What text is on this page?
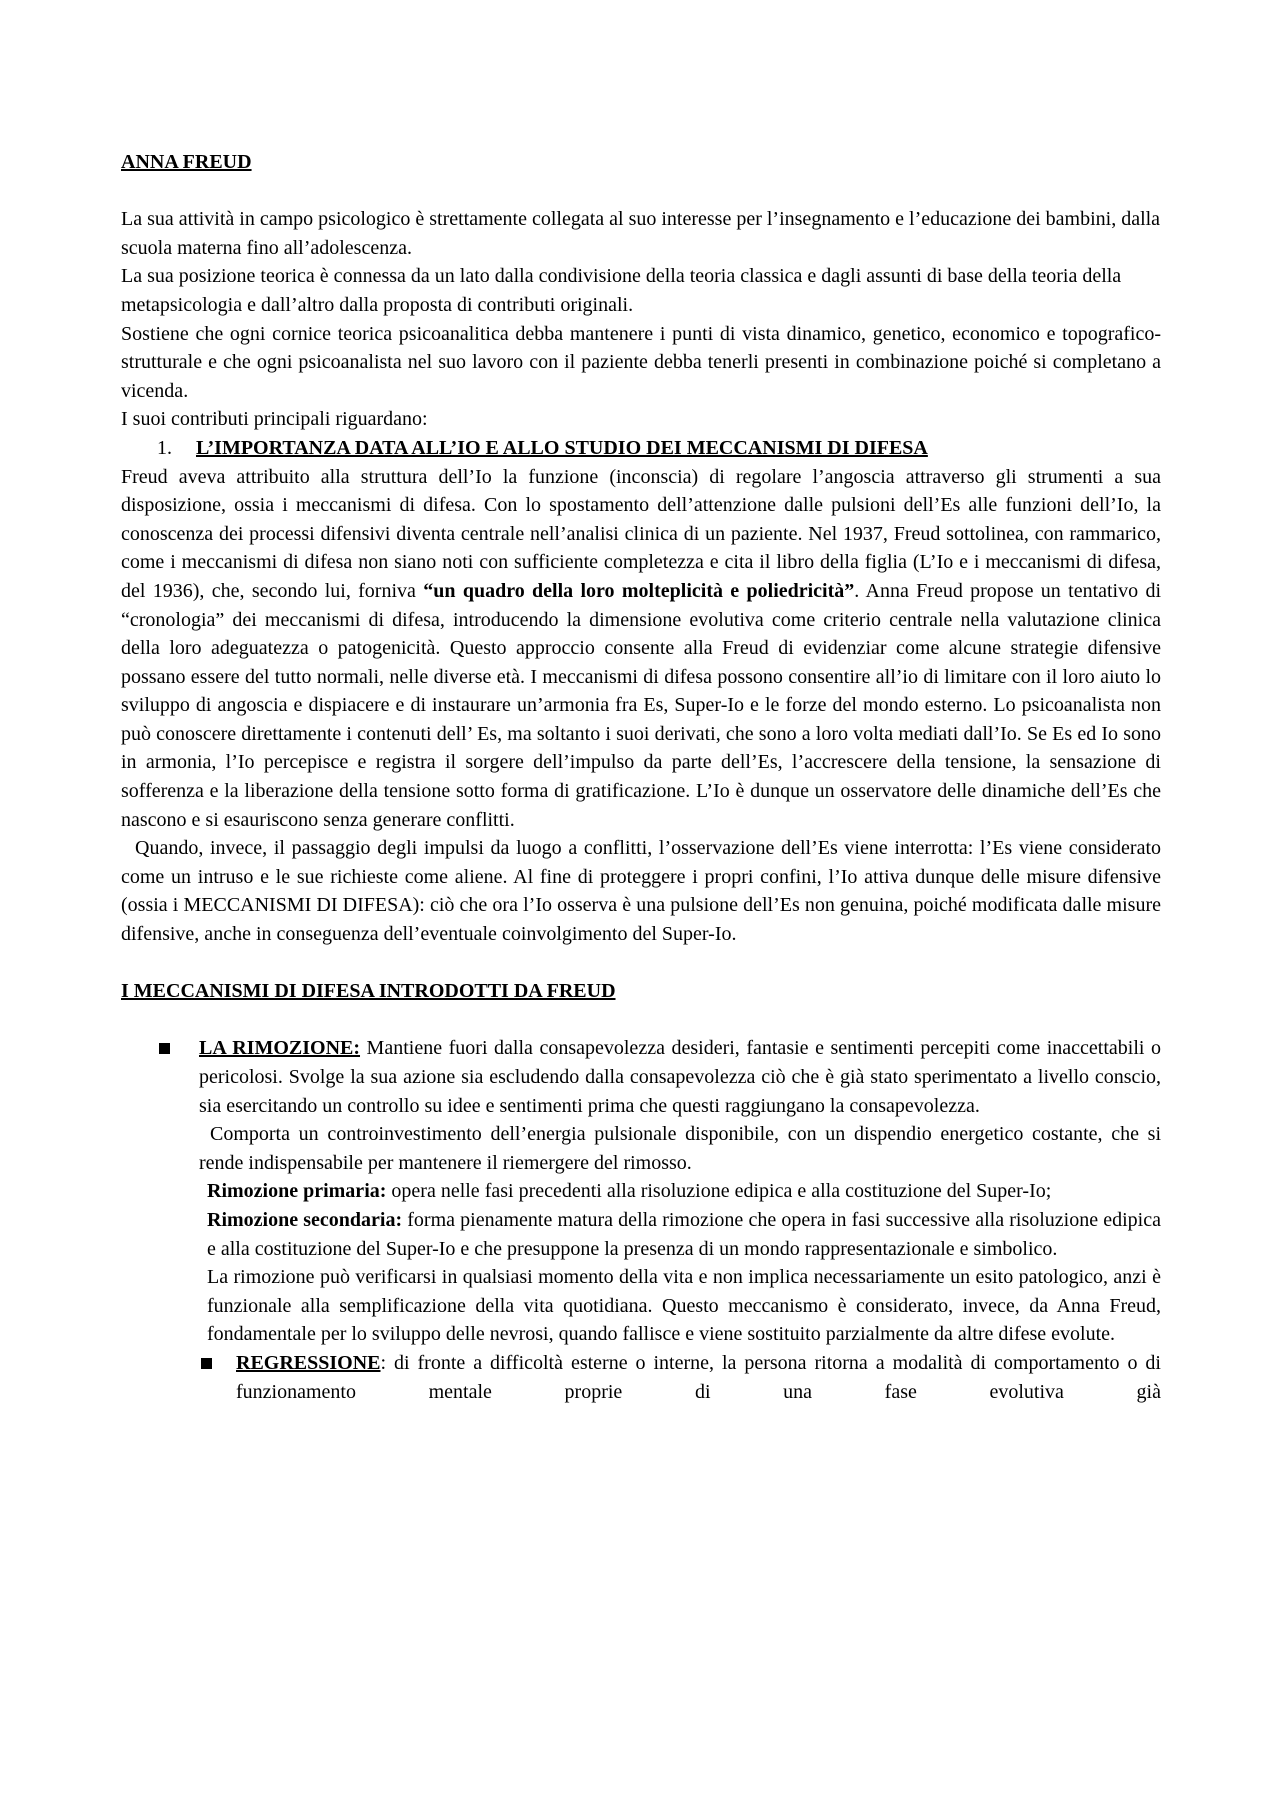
ANNA FREUD

La sua attività in campo psicologico è strettamente collegata al suo interesse per l’insegnamento e l’educazione dei bambini, dalla scuola materna fino all’adolescenza.

La sua posizione teorica è connessa da un lato dalla condivisione della teoria classica e dagli assunti di base della teoria della metapsicologia e dall’altro dalla proposta di contributi originali.

Sostiene che ogni cornice teorica psicoanalitica debba mantenere i punti di vista dinamico, genetico, economico e topografico-strutturale e che ogni psicoanalista nel suo lavoro con il paziente debba tenerli presenti in combinazione poiché si completano a vicenda.

I suoi contributi principali riguardano:

1. L’IMPORTANZA DATA ALL’IO E ALLO STUDIO DEI MECCANISMI DI DIFESA

Freud aveva attribuito alla struttura dell’Io la funzione (inconscia) di regolare l’angoscia attraverso gli strumenti a sua disposizione, ossia i meccanismi di difesa. Con lo spostamento dell’attenzione dalle pulsioni dell’Es alle funzioni dell’Io, la conoscenza dei processi difensivi diventa centrale nell’analisi clinica di un paziente. Nel 1937, Freud sottolinea, con rammarico, come i meccanismi di difesa non siano noti con sufficiente completezza e cita il libro della figlia (L’Io e i meccanismi di difesa, del 1936), che, secondo lui, forniva “un quadro della loro molteplicità e poliedricità”. Anna Freud propose un tentativo di “cronologia” dei meccanismi di difesa, introducendo la dimensione evolutiva come criterio centrale nella valutazione clinica della loro adeguatezza o patogenicità. Questo approccio consente alla Freud di evidenziar come alcune strategie difensive possano essere del tutto normali, nelle diverse età. I meccanismi di difesa possono consentire all’io di limitare con il loro aiuto lo sviluppo di angoscia e dispiacere e di instaurare un’armonia fra Es, Super-Io e le forze del mondo esterno. Lo psicoanalista non può conoscere direttamente i contenuti dell’ Es, ma soltanto i suoi derivati, che sono a loro volta mediati dall’Io. Se Es ed Io sono in armonia, l’Io percepisce e registra il sorgere dell’impulso da parte dell’Es, l’accrescere della tensione, la sensazione di sofferenza e la liberazione della tensione sotto forma di gratificazione. L’Io è dunque un osservatore delle dinamiche dell’Es che nascono e si esauriscono senza generare conflitti.

Quando, invece, il passaggio degli impulsi da luogo a conflitti, l’osservazione dell’Es viene interrotta: l’Es viene considerato come un intruso e le sue richieste come aliene. Al fine di proteggere i propri confini, l’Io attiva dunque delle misure difensive (ossia i MECCANISMI DI DIFESA): ciò che ora l’Io osserva è una pulsione dell’Es non genuina, poiché modificata dalle misure difensive, anche in conseguenza dell’eventuale coinvolgimento del Super-Io.

I MECCANISMI DI DIFESA INTRODOTTI DA FREUD

LA RIMOZIONE: Mantiene fuori dalla consapevolezza desideri, fantasie e sentimenti percepiti come inaccettabili o pericolosi. Svolge la sua azione sia escludendo dalla consapevolezza ciò che è già stato sperimentato a livello conscio, sia esercitando un controllo su idee e sentimenti prima che questi raggiungano la consapevolezza.

Comporta un controinvestimento dell’energia pulsionale disponibile, con un dispendio energetico costante, che si rende indispensabile per mantenere il riemergere del rimosso.

Rimozione primaria: opera nelle fasi precedenti alla risoluzione edipica e alla costituzione del Super-Io;

Rimozione secondaria: forma pienamente matura della rimozione che opera in fasi successive alla risoluzione edipica e alla costituzione del Super-Io e che presuppone la presenza di un mondo rappresentazionale e simbolico.

La rimozione può verificarsi in qualsiasi momento della vita e non implica necessariamente un esito patologico, anzi è funzionale alla semplificazione della vita quotidiana. Questo meccanismo è considerato, invece, da Anna Freud, fondamentale per lo sviluppo delle nevrosi, quando fallisce e viene sostituito parzialmente da altre difese evolute.

REGRESSIONE: di fronte a difficoltà esterne o interne, la persona ritorna a modalità di comportamento o di funzionamento mentale proprie di una fase evolutiva già
